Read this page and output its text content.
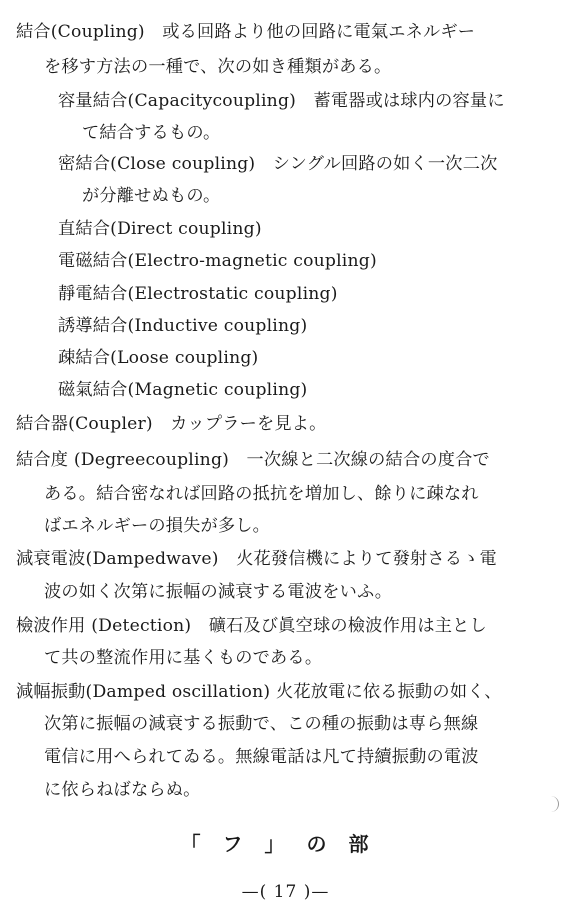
結合(Coupling)　或る回路より他の回路に電氣エネルギー
を移す方法の一種で、次の如き種類がある。
容量結合(Capacitycoupling)　蓄電器或は球内の容量に
て結合するもの。
密結合(Close coupling)　シングル回路の如く一次二次
が分離せぬもの。
直結合(Direct coupling)
電磁結合(Electro-magnetic coupling)
靜電結合(Electrostatic coupling)
誘導結合(Inductive coupling)
疎結合(Loose coupling)
磁氣結合(Magnetic coupling)
結合器(Coupler)　カップラーを見よ。
結合度 (Degreecoupling)　一次線と二次線の結合の度合で
ある。結合密なれば回路の抵抗を増加し、餘りに疎なれ
ばエネルギーの損失が多し。
減衰電波(Dampedwave)　火花發信機によりて發射さるゝ電
波の如く次第に振幅の減衰する電波をいふ。
檢波作用 (Detection)　礦石及び眞空球の檢波作用は主とし
て共の整流作用に基くものである。
減幅振動(Damped oscillation) 火花放電に依る振動の如く、
次第に振幅の減衰する振動で、この種の振動は専ら無線
電信に用へられてゐる。無線電話は凡て持續振動の電波
に依らねばならぬ。
「フ」の部
—( 17 )—
